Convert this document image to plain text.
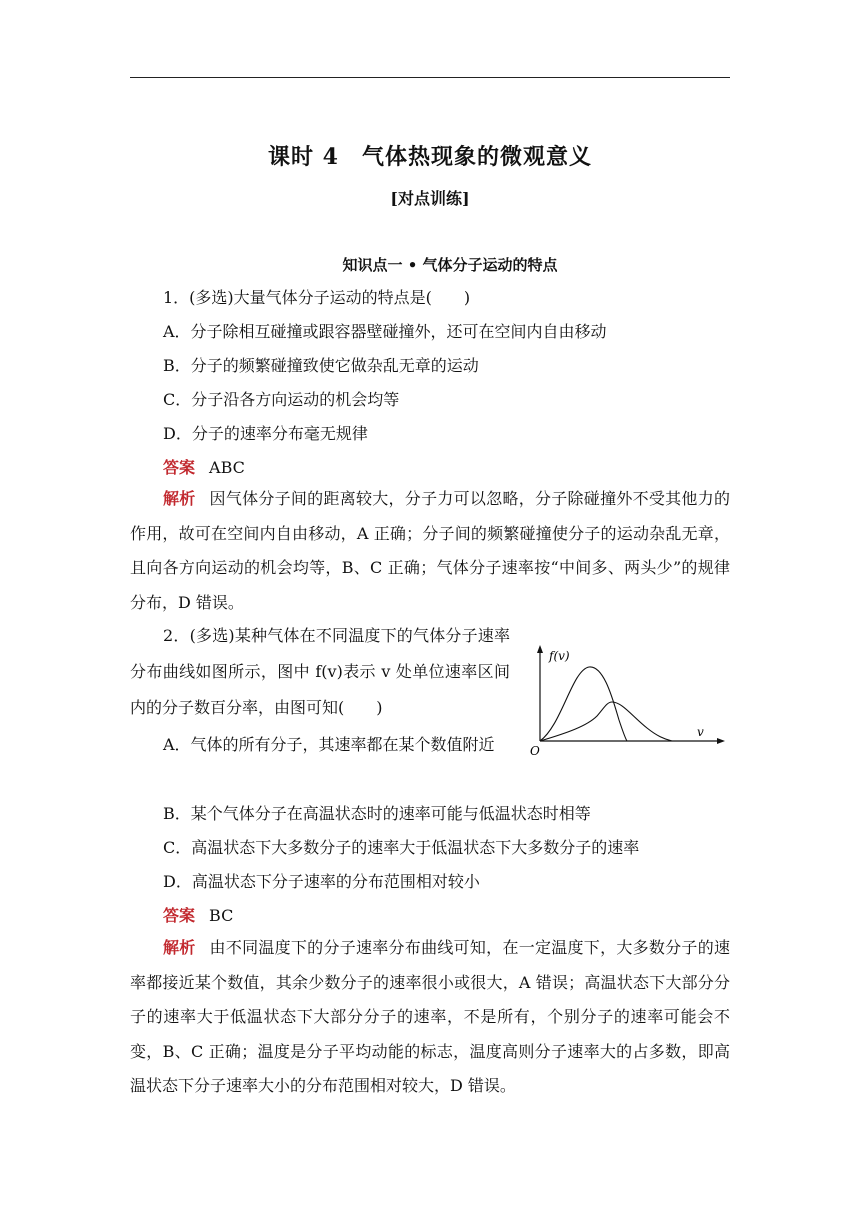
课时 4　气体热现象的微观意义
[对点训练]
知识点一 • 气体分子运动的特点
1．(多选)大量气体分子运动的特点是(　　)
A．分子除相互碰撞或跟容器壁碰撞外，还可在空间内自由移动
B．分子的频繁碰撞致使它做杂乱无章的运动
C．分子沿各方向运动的机会均等
D．分子的速率分布毫无规律
答案 ABC

解析 因气体分子间的距离较大，分子力可以忽略，分子除碰撞外不受其他力的作用，故可在空间内自由移动，A 正确；分子间的频繁碰撞使分子的运动杂乱无章，且向各方向运动的机会均等，B、C 正确；气体分子速率按“中间多、两头少”的规律分布，D 错误。

2．(多选)某种气体在不同温度下的气体分子速率分布曲线如图所示，图中 f(v)表示 v 处单位速率区间内的分子数百分率，由图可知(　　)

f(v)
v
O
A．气体的所有分子，其速率都在某个数值附近
B．某个气体分子在高温状态时的速率可能与低温状态时相等
C．高温状态下大多数分子的速率大于低温状态下大多数分子的速率
D．高温状态下分子速率的分布范围相对较小
答案 BC

解析 由不同温度下的分子速率分布曲线可知，在一定温度下，大多数分子的速率都接近某个数值，其余少数分子的速率很小或很大，A 错误；高温状态下大部分分子的速率大于低温状态下大部分分子的速率，不是所有，个别分子的速率可能会不变，B、C 正确；温度是分子平均动能的标志，温度高则分子速率大的占多数，即高温状态下分子速率大小的分布范围相对较大，D 错误。
